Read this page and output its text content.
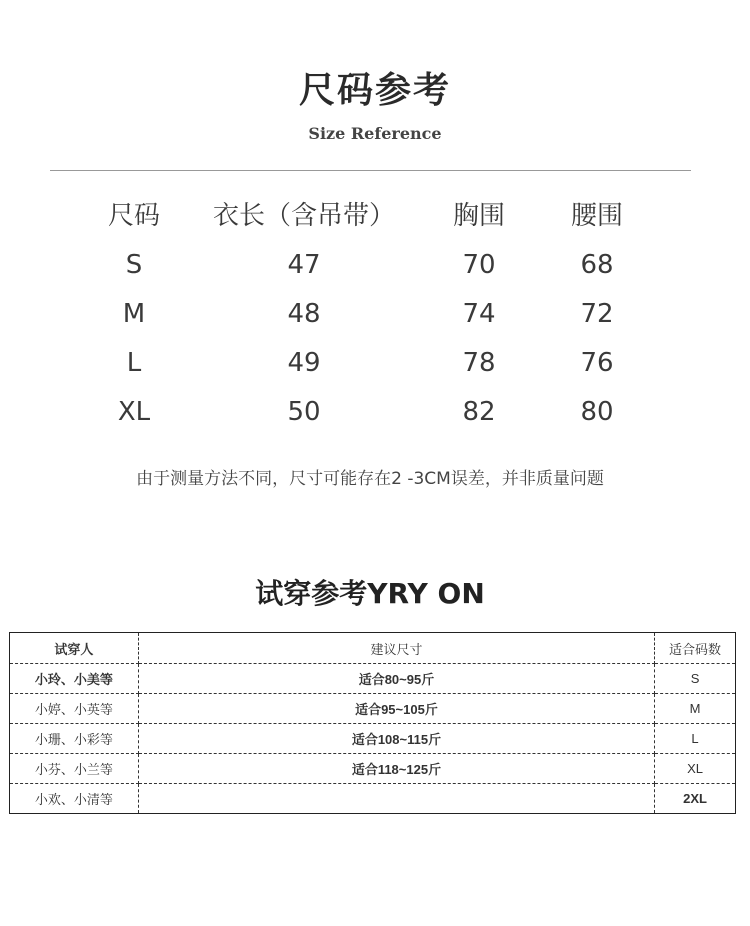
尺码参考
Size Reference
尺码 衣长（含吊带） 胸围	腰围
S	47	70	68
M	48	74	72
L	49	78	76
XL	50	82	80
由于测量方法不同，尺寸可能存在2 -3CM误差，并非质量问题
试穿参考YRY ON
试穿人	建议尺寸	适合码数
小玲、小美等	适合80~95斤	S
小婷、小英等	适合95~105斤	M
小珊、小彩等	适合108~115斤	L
小芬、小兰等	适合118~125斤	XL
小欢、小清等		2XL
